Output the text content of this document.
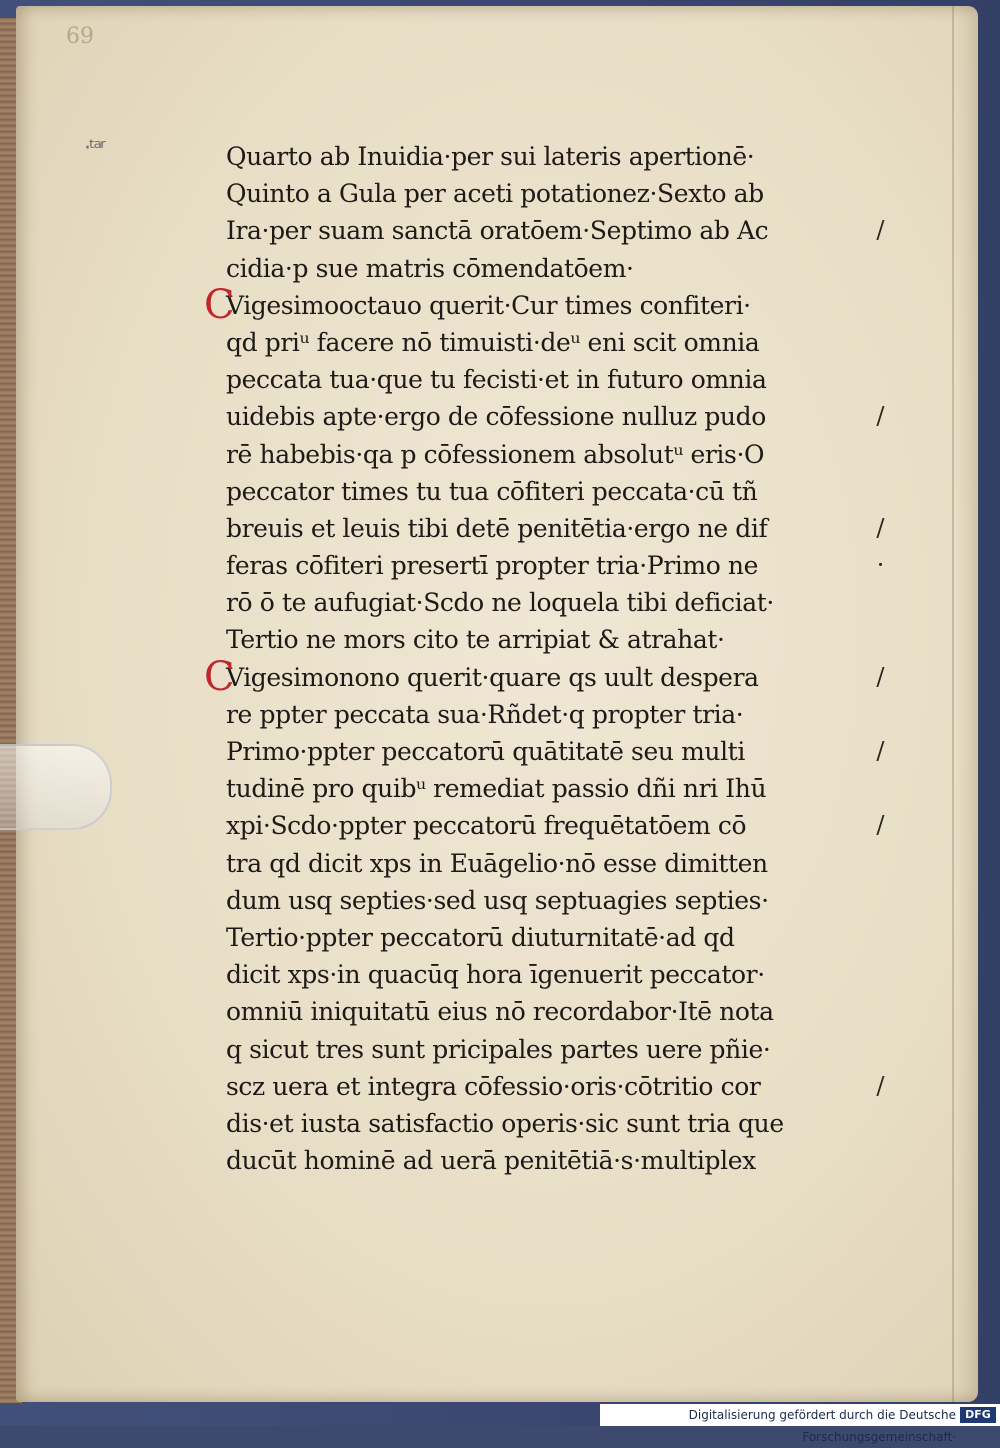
69
·ᵗᵃʳ	Quarto ab Inuidia·per sui lateris apertionē·
Quinto a Gula per aceti potationez·Sexto ab
Ira·per suam sanctā oratōem·Septimo ab Ac	/
cidia·p sue matris cōmendatōem·
Vigesimooctauo querit·Cur times confiteri·
C
qd priᵘ facere nō timuisti·deᵘ eni scit omnia
peccata tua·que tu fecisti·et in futuro omnia
uidebis apte·ergo de cōfessione nulluz pudo	/
rē habebis·qa p cōfessionem absolutᵘ eris·O
peccator times tu tua cōfiteri peccata·cū tñ
breuis et leuis tibi detē penitētia·ergo ne dif	/
feras cōfiteri presertī propter tria·Primo ne	·
rō ō te aufugiat·Scdo ne loquela tibi deficiat·
Tertio ne mors cito te arripiat & atrahat·
Vigesimonono querit·quare qs uult despera	/
C
re ppter peccata sua·Rñdet·q propter tria·
Primo·ppter peccatorū quātitatē seu multi	/
tudinē pro quibᵘ remediat passio dñi nri Ihū
xpi·Scdo·ppter peccatorū frequētatōem cō	/
tra qd dicit xps in Euāgelio·nō esse dimitten
dum usq septies·sed usq septuagies septies·
Tertio·ppter peccatorū diuturnitatē·ad qd
dicit xps·in quacūq hora īgenuerit peccator·
omniū iniquitatū eius nō recordabor·Itē nota
q sicut tres sunt pricipales partes uere pñie·
scz uera et integra cōfessio·oris·cōtritio cor	/
dis·et iusta satisfactio operis·sic sunt tria que
ducūt hominē ad uerā penitētiā·s·multiplex
Digitalisierung gefördert durch die Deutsche Forschungsgemeinschaft·
DFG
